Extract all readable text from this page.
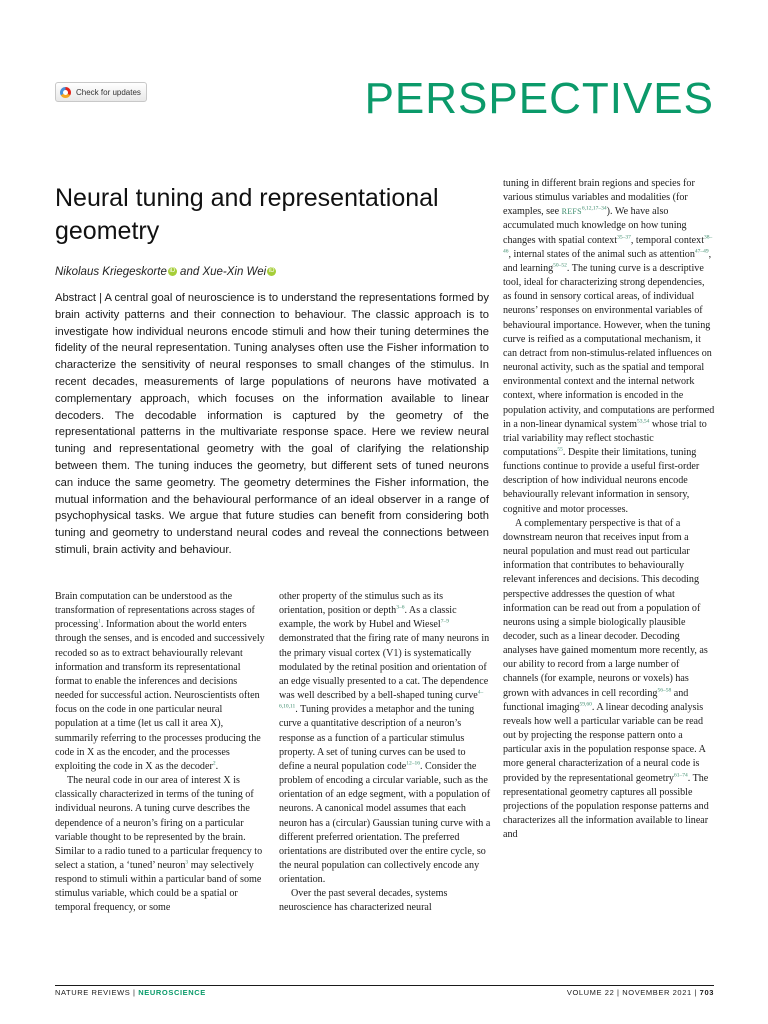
Check for updates	PERSPECTIVES
Neural tuning and representational geometry
Nikolaus Kriegeskorte iD and Xue-Xin Wei iD

Abstract | A central goal of neuroscience is to understand the representations formed by brain activity patterns and their connection to behaviour. The classic approach is to investigate how individual neurons encode stimuli and how their tuning determines the fidelity of the neural representation. Tuning analyses often use the Fisher information to characterize the sensitivity of neural responses to small changes of the stimulus. In recent decades, measurements of large populations of neurons have motivated a complementary approach, which focuses on the information available to linear decoders. The decodable information is captured by the geometry of the representational patterns in the multivariate response space. Here we review neural tuning and representational geometry with the goal of clarifying the relationship between them. The tuning induces the geometry, but different sets of tuned neurons can induce the same geometry. The geometry determines the Fisher information, the mutual information and the behavioural performance of an ideal observer in a range of psychophysical tasks. We argue that future studies can benefit from considering both tuning and geometry to understand neural codes and reveal the connections between stimuli, brain activity and behaviour.

Brain computation can be understood as the transformation of representations across stages of processing$^1$. Information about the world enters through the senses, and is encoded and successively recoded so as to extract behaviourally relevant information and transform its representational format to enable the inferences and decisions needed for successful action. Neuroscientists often focus on the code in one particular neural population at a time (let us call it area X), summarily referring to the processes producing the code in X as the encoder, and the processes exploiting the code in X as the decoder$^2$.

The neural code in our area of interest X is classically characterized in terms of the tuning of individual neurons. A tuning curve describes the dependence of a neuron’s firing on a particular variable thought to be represented by the brain. Similar to a radio tuned to a particular frequency to select a station, a ‘tuned’ neuron$^3$ may selectively respond to stimuli within a particular band of some stimulus variable, which could be a spatial or temporal frequency, or some

other property of the stimulus such as its orientation, position or depth$^{3-6}$. As a classic example, the work by Hubel and Wiesel$^{7-9}$ demonstrated that the firing rate of many neurons in the primary visual cortex (V1) is systematically modulated by the retinal position and orientation of an edge visually presented to a cat. The dependence was well described by a bell-shaped tuning curve$^{4-6,10,11}$. Tuning provides a metaphor and the tuning curve a quantitative description of a neuron’s response as a function of a particular stimulus property. A set of tuning curves can be used to define a neural population code$^{12-16}$. Consider the problem of encoding a circular variable, such as the orientation of an edge segment, with a population of neurons. A canonical model assumes that each neuron has a (circular) Gaussian tuning curve with a different preferred orientation. The preferred orientations are distributed over the entire cycle, so the neural population can collectively encode any orientation.

Over the past several decades, systems neuroscience has characterized neural

tuning in different brain regions and species for various stimulus variables and modalities (for examples, see REFS$^{6,12,17-34}$). We have also accumulated much knowledge on how tuning changes with spatial context$^{35-37}$, temporal context$^{38-46}$, internal states of the animal such as attention$^{47-49}$, and learning$^{50-52}$. The tuning curve is a descriptive tool, ideal for characterizing strong dependencies, as found in sensory cortical areas, of individual neurons’ responses on environmental variables of behavioural importance. However, when the tuning curve is reified as a computational mechanism, it can detract from non-stimulus-related influences on neuronal activity, such as the spatial and temporal environmental context and the internal network context, where information is encoded in the population activity, and computations are performed in a non-linear dynamical system$^{53,54}$ whose trial to trial variability may reflect stochastic computations$^{55}$. Despite their limitations, tuning functions continue to provide a useful first-order description of how individual neurons encode behaviourally relevant information in sensory, cognitive and motor processes.

A complementary perspective is that of a downstream neuron that receives input from a neural population and must read out particular information that contributes to behaviourally relevant inferences and decisions. This decoding perspective addresses the question of what information can be read out from a population of neurons using a simple biologically plausible decoder, such as a linear decoder. Decoding analyses have gained momentum more recently, as our ability to record from a large number of channels (for example, neurons or voxels) has grown with advances in cell recording$^{56-58}$ and functional imaging$^{59,60}$. A linear decoding analysis reveals how well a particular variable can be read out by projecting the response pattern onto a particular axis in the population response space. A more general characterization of a neural code is provided by the representational geometry$^{61-74}$. The representational geometry captures all possible projections of the population response patterns and characterizes all the information available to linear and

NATURE REVIEWS | NEUROSCIENCE	VOLUME 22 | NOVEMBER 2021 | 703
